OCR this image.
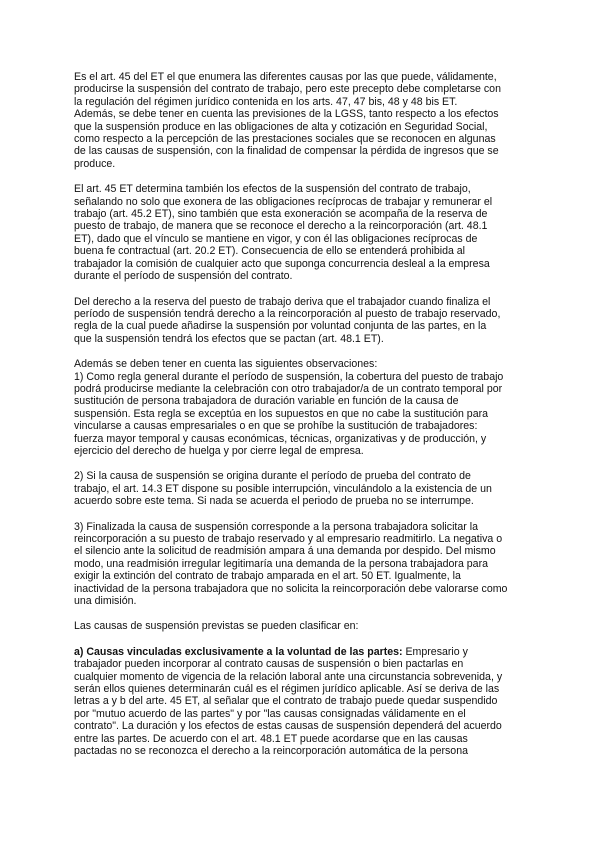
Es el art. 45 del ET el que enumera las diferentes causas por las que puede, válidamente,
producirse la suspensión del contrato de trabajo, pero este precepto debe completarse con
la regulación del régimen jurídico contenida en los arts. 47, 47 bis, 48 y 48 bis ET.
Además, se debe tener en cuenta las previsiones de la LGSS, tanto respecto a los efectos
que la suspensión produce en las obligaciones de alta y cotización en Seguridad Social,
como respecto a la percepción de las prestaciones sociales que se reconocen en algunas
de las causas de suspensión, con la finalidad de compensar la pérdida de ingresos que se
produce.

El art. 45 ET determina también los efectos de la suspensión del contrato de trabajo,
señalando no solo que exonera de las obligaciones recíprocas de trabajar y remunerar el
trabajo (art. 45.2 ET), sino también que esta exoneración se acompaña de la reserva de
puesto de trabajo, de manera que se reconoce el derecho a la reincorporación (art. 48.1
ET), dado que el vínculo se mantiene en vigor, y con él las obligaciones recíprocas de
buena fe contractual (art. 20.2 ET). Consecuencia de ello se entenderá prohibida al
trabajador la comisión de cualquier acto que suponga concurrencia desleal a la empresa
durante el período de suspensión del contrato.

Del derecho a la reserva del puesto de trabajo deriva que el trabajador cuando finaliza el
período de suspensión tendrá derecho a la reincorporación al puesto de trabajo reservado,
regla de la cual puede añadirse la suspensión por voluntad conjunta de las partes, en la
que la suspensión tendrá los efectos que se pactan (art. 48.1 ET).

Además se deben tener en cuenta las siguientes observaciones:
1) Como regla general durante el período de suspensión, la cobertura del puesto de trabajo
podrá producirse mediante la celebración con otro trabajador/a de un contrato temporal por
sustitución de persona trabajadora de duración variable en función de la causa de
suspensión. Esta regla se exceptúa en los supuestos en que no cabe la sustitución para
vincularse a causas empresariales o en que se prohíbe la sustitución de trabajadores:
fuerza mayor temporal y causas económicas, técnicas, organizativas y de producción, y
ejercicio del derecho de huelga y por cierre legal de empresa.

2) Si la causa de suspensión se origina durante el período de prueba del contrato de
trabajo, el art. 14.3 ET dispone su posible interrupción, vinculándolo a la existencia de un
acuerdo sobre este tema. Si nada se acuerda el periodo de prueba no se interrumpe.

3) Finalizada la causa de suspensión corresponde a la persona trabajadora solicitar la
reincorporación a su puesto de trabajo reservado y al empresario readmitirlo. La negativa o
el silencio ante la solicitud de readmisión ampara á una demanda por despido. Del mismo
modo, una readmisión irregular legitimaría una demanda de la persona trabajadora para
exigir la extinción del contrato de trabajo amparada en el art. 50 ET. Igualmente, la
inactividad de la persona trabajadora que no solicita la reincorporación debe valorarse como
una dimisión.

Las causas de suspensión previstas se pueden clasificar en:

a) Causas vinculadas exclusivamente a la voluntad de las partes: Empresario y
trabajador pueden incorporar al contrato causas de suspensión o bien pactarlas en
cualquier momento de vigencia de la relación laboral ante una circunstancia sobrevenida, y
serán ellos quienes determinarán cuál es el régimen jurídico aplicable. Así se deriva de las
letras a y b del arte. 45 ET, al señalar que el contrato de trabajo puede quedar suspendido
por "mutuo acuerdo de las partes" y por "las causas consignadas válidamente en el
contrato". La duración y los efectos de estas causas de suspensión dependerá del acuerdo
entre las partes. De acuerdo con el art. 48.1 ET puede acordarse que en las causas
pactadas no se reconozca el derecho a la reincorporación automática de la persona
